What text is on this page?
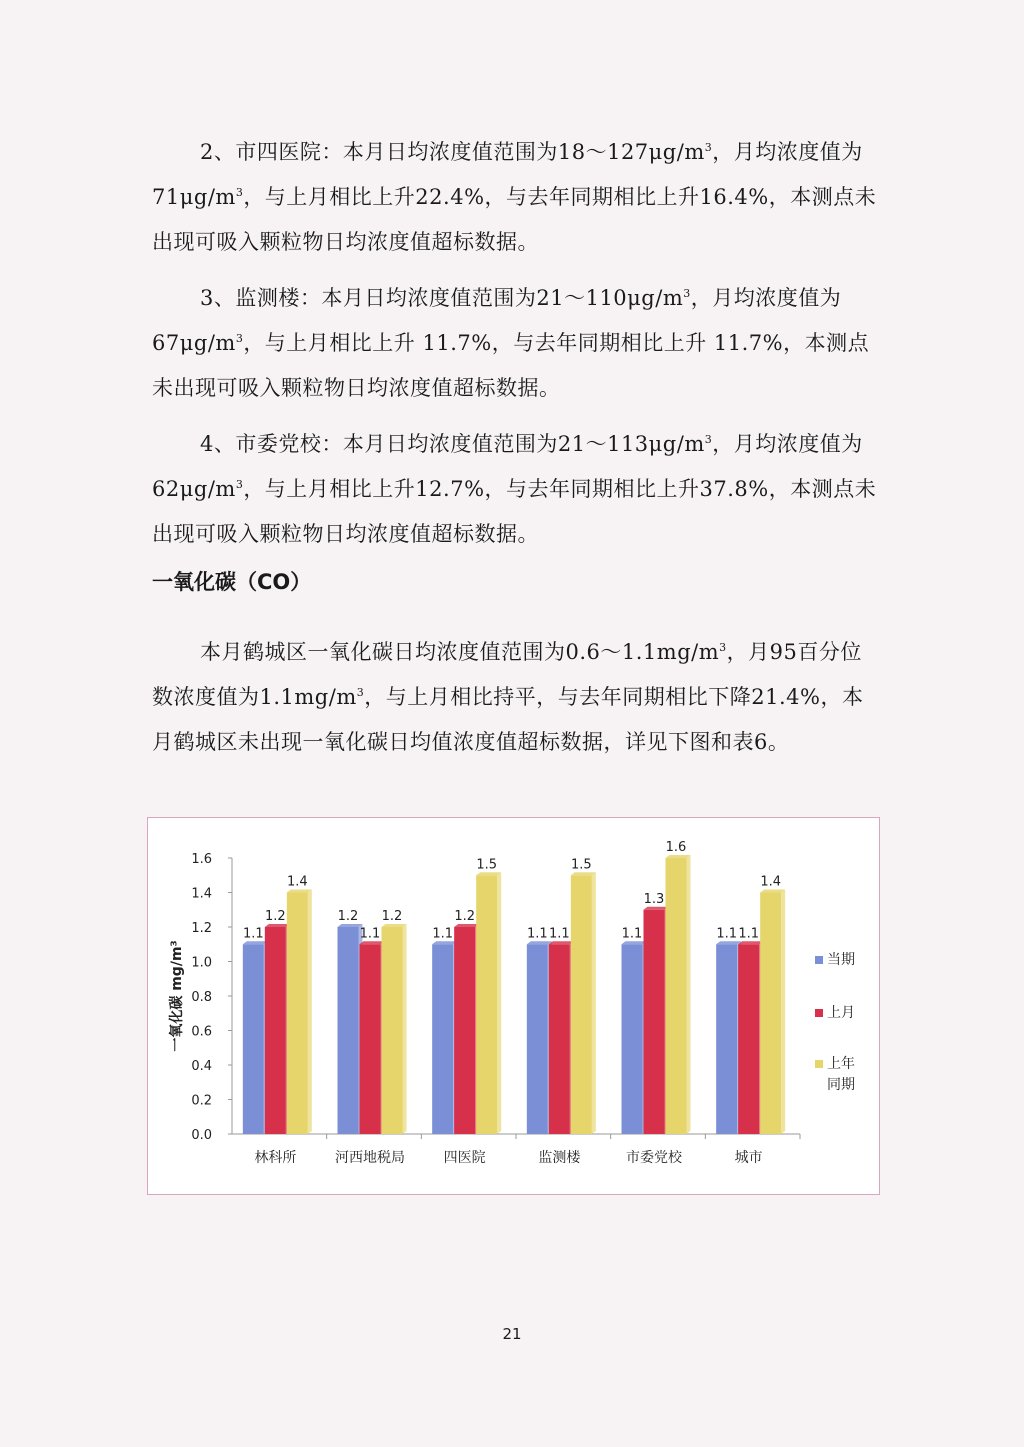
2、市四医院：本月日均浓度值范围为$18\sim 127\mu g/m^3$，月均浓度值为$71\mu g/m^3$，与上月相比上升22.4%，与去年同期相比上升16.4%，本测点未出现可吸入颗粒物日均浓度值超标数据。

3、监测楼：本月日均浓度值范围为$21\sim 110\mu g/m^3$，月均浓度值为$67\mu g/m^3$，与上月相比上升 11.7%，与去年同期相比上升 11.7%，本测点未出现可吸入颗粒物日均浓度值超标数据。

4、市委党校：本月日均浓度值范围为$21\sim 113\mu g/m^3$，月均浓度值为$62\mu g/m^3$，与上月相比上升12.7%，与去年同期相比上升37.8%，本测点未出现可吸入颗粒物日均浓度值超标数据。

一氧化碳（CO）

本月鹤城区一氧化碳日均浓度值范围为$0.6\sim 1.1mg/m^3$，月95百分位数浓度值为$1.1mg/m^3$，与上月相比持平，与去年同期相比下降21.4%，本月鹤城区未出现一氧化碳日均值浓度值超标数据，详见下图和表6。

0.0
0.2
0.4
0.6
0.8
1.0
1.2
1.4
1.6
一氧化碳 mg/m³
林科所
1.1
1.2
1.4
河西地税局
1.2
1.1
1.2
四医院
1.1
1.2
1.5
监测楼
1.1 1.1
1.5
市委党校
1.1
1.3
1.6
城市
1.1 1.1
1.4
当期
上月
上年
同期
21
